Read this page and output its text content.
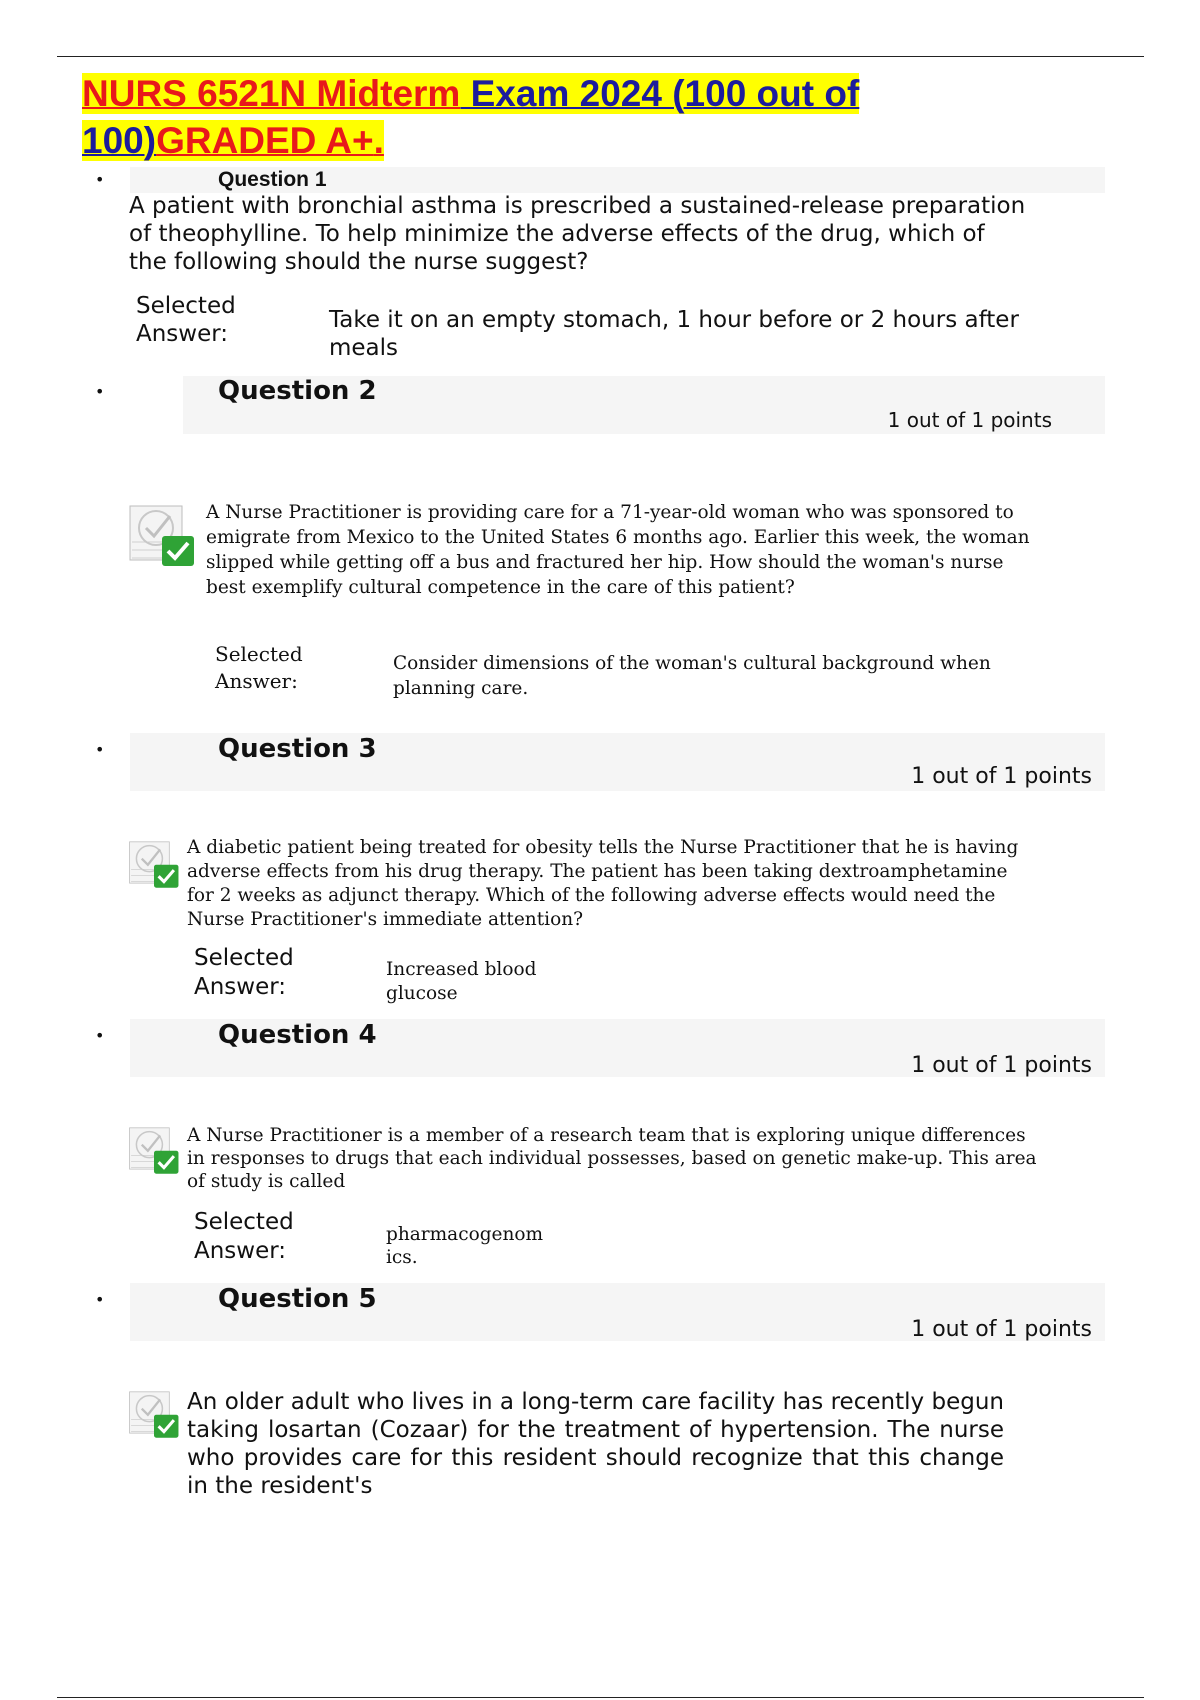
NURS 6521N Midterm Exam 2024 (100 out of 100)GRADED A+.
•	Question 1

A patient with bronchial asthma is prescribed a sustained-release preparation of theophylline. To help minimize the adverse effects of the drug, which of the following should the nurse suggest?

Selected
Answer:

Take it on an empty stomach, 1 hour before or 2 hours after meals

•	Question 2
1 out of 1 points

A Nurse Practitioner is providing care for a 71-year-old woman who was sponsored to emigrate from Mexico to the United States 6 months ago. Earlier this week, the woman slipped while getting off a bus and fractured her hip. How should the woman's nurse best exemplify cultural competence in the care of this patient?

Selected
Answer:

Consider dimensions of the woman's cultural background when planning care.

•	Question 3
1 out of 1 points

A diabetic patient being treated for obesity tells the Nurse Practitioner that he is having adverse effects from his drug therapy. The patient has been taking dextroamphetamine for 2 weeks as adjunct therapy. Which of the following adverse effects would need the Nurse Practitioner's immediate attention?

Selected
Answer:

Increased blood glucose

•	Question 4
1 out of 1 points

A Nurse Practitioner is a member of a research team that is exploring unique differences in responses to drugs that each individual possesses, based on genetic make-up. This area of study is called

Selected
Answer:

pharmacogenom ics.

•	Question 5
1 out of 1 points

An older adult who lives in a long-term care facility has recently begun taking losartan (Cozaar) for the treatment of hypertension. The nurse who provides care for this resident should recognize that this change in the resident's
